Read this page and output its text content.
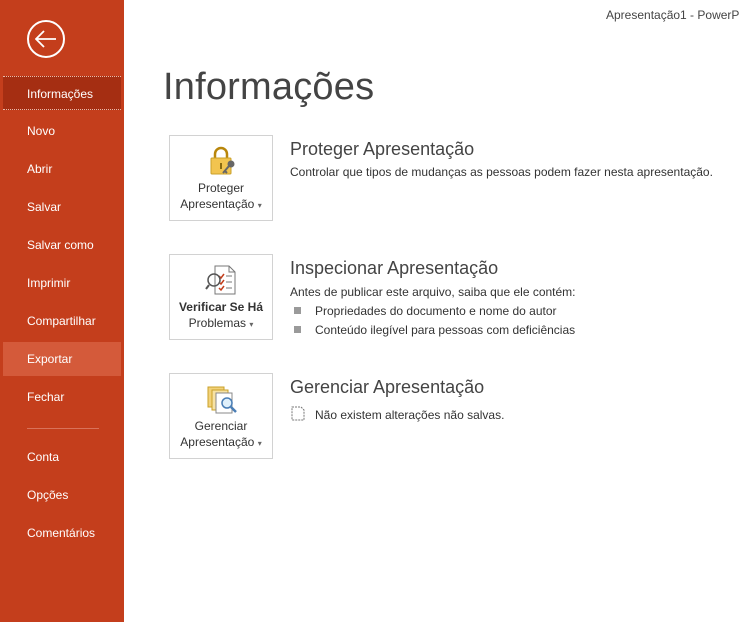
Informações
Novo
Abrir
Salvar
Salvar como
Imprimir
Compartilhar
Exportar
Fechar
Conta
Opções
Comentários
Apresentação1 - PowerP
Informações
Proteger
Apresentação ▾
Proteger Apresentação
Controlar que tipos de mudanças as pessoas podem fazer nesta apresentação.
Verificar Se Há
Problemas ▾
Inspecionar Apresentação
Antes de publicar este arquivo, saiba que ele contém:
Propriedades do documento e nome do autor
Conteúdo ilegível para pessoas com deficiências
Gerenciar
Apresentação ▾
Gerenciar Apresentação
Não existem alterações não salvas.
